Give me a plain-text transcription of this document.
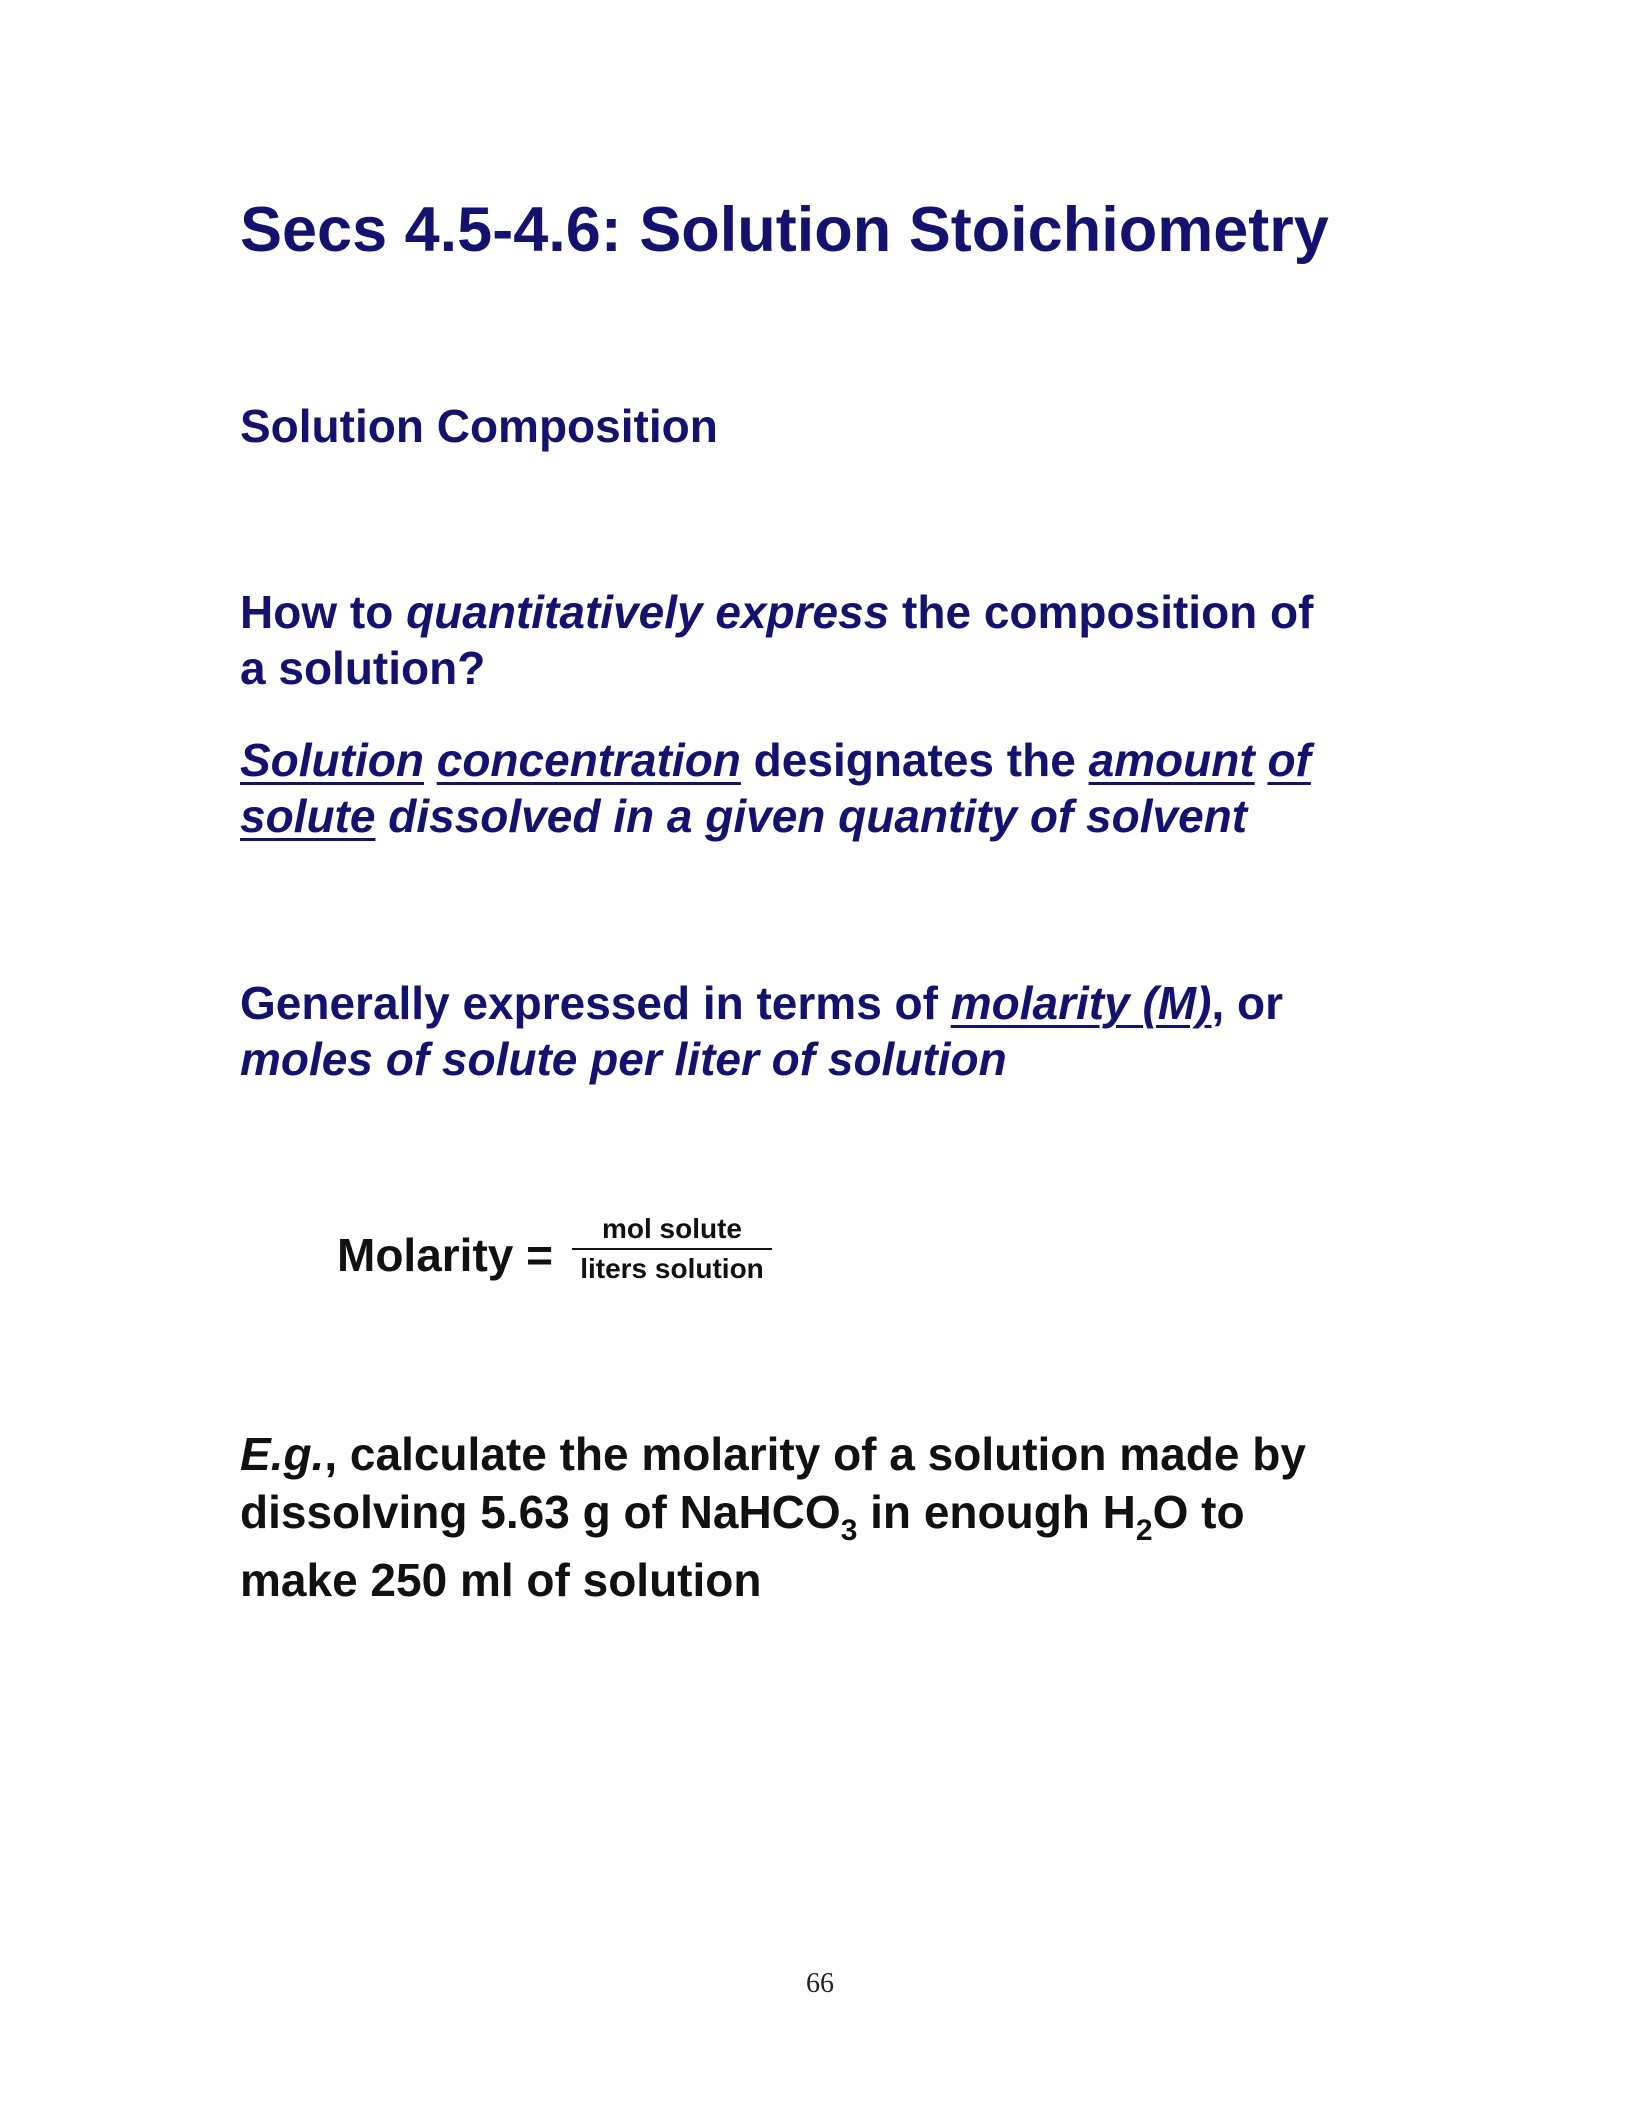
Secs 4.5-4.6: Solution Stoichiometry
Solution Composition
How to quantitatively express the composition of
a solution?
Solution concentration designates the amount of
solute dissolved in a given quantity of solvent
Generally expressed in terms of molarity (M), or
moles of solute per liter of solution
Molarity =
mol solute
liters solution
E.g., calculate the molarity of a solution made by
dissolving 5.63 g of NaHCO$_3$ in enough $H_2O$ to
make 250 ml of solution
66
